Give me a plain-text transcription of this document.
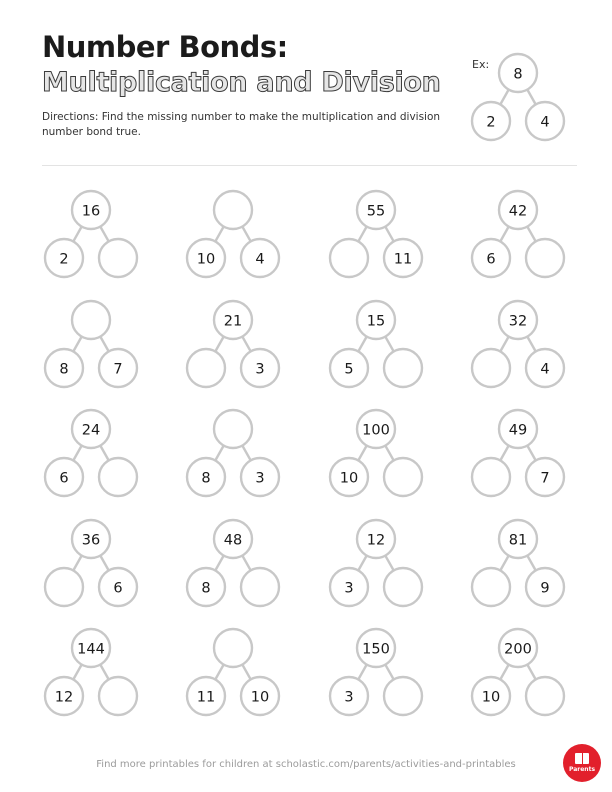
Number Bonds:
Multiplication and Division

Directions: Find the missing number to make the multiplication and division number bond true.

Ex:
8
2	4
16
2	10	4
55
11
42
6
8	7
21
3
15
5
32
4
24
6	8	3
100
10
49
7
36
6
48
8
12
3
81
9
144
12	11 10
150
3
200
10
Find more printables for children at scholastic.com/parents/activities-and-printables	Parents
